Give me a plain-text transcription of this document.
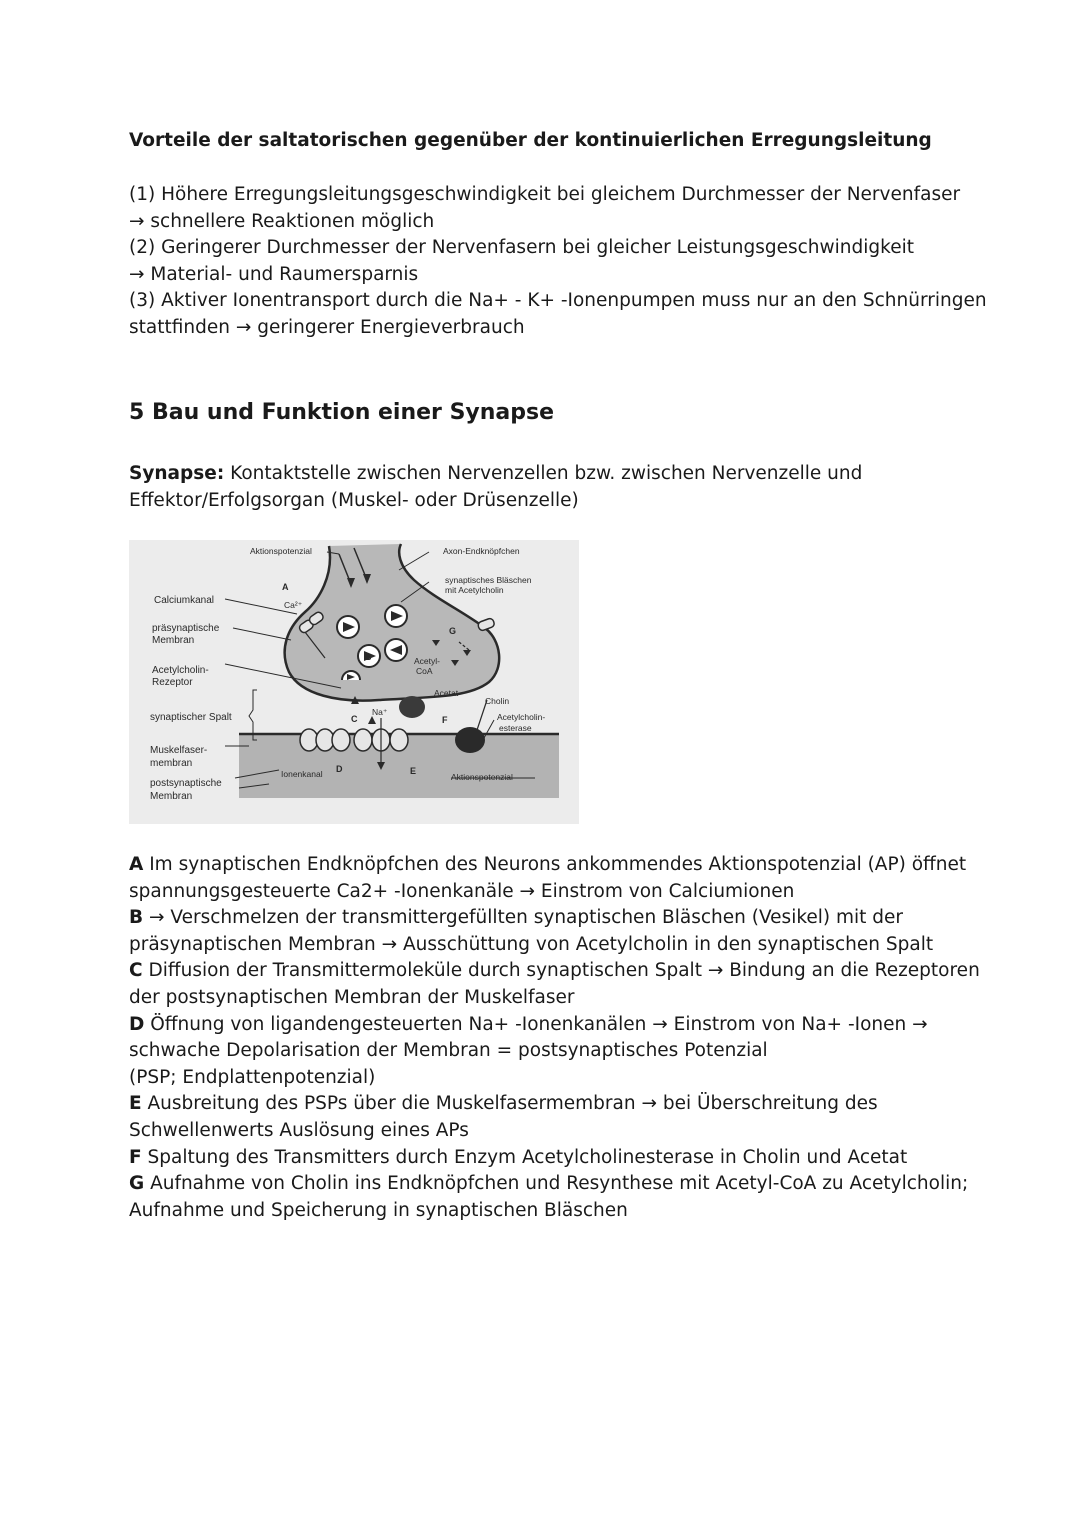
Vorteile der saltatorischen gegenüber der kontinuierlichen Erregungsleitung
(1) Höhere Erregungsleitungsgeschwindigkeit bei gleichem Durchmesser der Nervenfaser
→ schnellere Reaktionen möglich
(2) Geringerer Durchmesser der Nervenfasern bei gleicher Leistungsgeschwindigkeit
→ Material- und Raumersparnis
(3) Aktiver Ionentransport durch die Na+ - K+ -Ionenpumpen muss nur an den Schnürringen
stattfinden → geringerer Energieverbrauch
5 Bau und Funktion einer Synapse
Synapse: Kontaktstelle zwischen Nervenzellen bzw. zwischen Nervenzelle und
Effektor/Erfolgsorgan (Muskel- oder Drüsenzelle)
A Im synaptischen Endknöpfchen des Neurons ankommendes Aktionspotenzial (AP) öffnet
spannungsgesteuerte Ca2+ -Ionenkanäle → Einstrom von Calciumionen
B → Verschmelzen der transmittergefüllten synaptischen Bläschen (Vesikel) mit der
präsynaptischen Membran → Ausschüttung von Acetylcholin in den synaptischen Spalt
C Diffusion der Transmittermoleküle durch synaptischen Spalt → Bindung an die Rezeptoren
der postsynaptischen Membran der Muskelfaser
D Öffnung von ligandengesteuerten Na+ -Ionenkanälen → Einstrom von Na+ -Ionen →
schwache Depolarisation der Membran = postsynaptisches Potenzial
(PSP; Endplattenpotenzial)
E Ausbreitung des PSPs über die Muskelfasermembran → bei Überschreitung des
Schwellenwerts Auslösung eines APs
F Spaltung des Transmitters durch Enzym Acetylcholinesterase in Cholin und Acetat
G Aufnahme von Cholin ins Endknöpfchen und Resynthese mit Acetyl-CoA zu Acetylcholin;
Aufnahme und Speicherung in synaptischen Bläschen
Aktionspotenzial	Axon-Endknöpfchen
synaptisches Bläschen
mit Acetylcholin
Calciumkanal
präsynaptische
Membran
Acetylcholin-
Rezeptor
synaptischer Spalt
Muskelfaser-
membran
postsynaptische
Membran
Ionenkanal
Acetyl-
CoA
Acetat
Cholin
Acetylcholin-
esterase
Aktionspotenzial
Ca²⁺
Na⁺
A
B
C
D	E
F
G
